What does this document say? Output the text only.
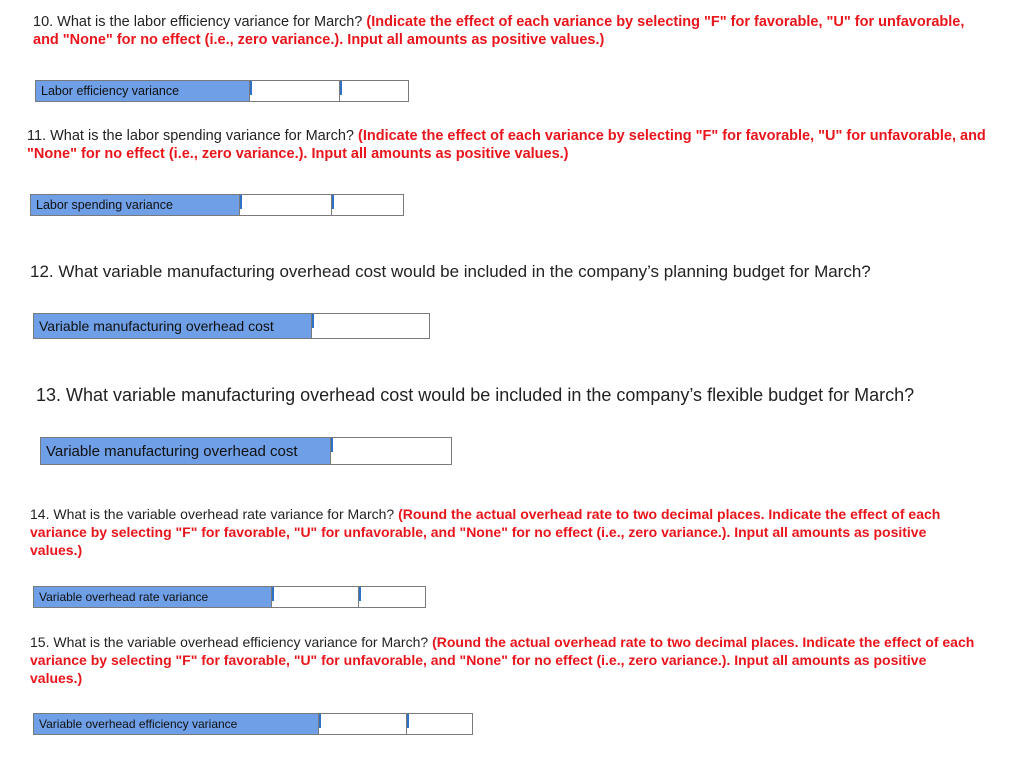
10. What is the labor efficiency variance for March? (Indicate the effect of each variance by selecting "F" for favorable, "U" for unfavorable, and "None" for no effect (i.e., zero variance.). Input all amounts as positive values.)
Labor efficiency variance
11. What is the labor spending variance for March? (Indicate the effect of each variance by selecting "F" for favorable, "U" for unfavorable, and "None" for no effect (i.e., zero variance.). Input all amounts as positive values.)
Labor spending variance
12. What variable manufacturing overhead cost would be included in the company’s planning budget for March?
Variable manufacturing overhead cost
13. What variable manufacturing overhead cost would be included in the company’s flexible budget for March?
Variable manufacturing overhead cost
14. What is the variable overhead rate variance for March? (Round the actual overhead rate to two decimal places. Indicate the effect of each variance by selecting "F" for favorable, "U" for unfavorable, and "None" for no effect (i.e., zero variance.). Input all amounts as positive values.)
Variable overhead rate variance
15. What is the variable overhead efficiency variance for March? (Round the actual overhead rate to two decimal places. Indicate the effect of each variance by selecting "F" for favorable, "U" for unfavorable, and "None" for no effect (i.e., zero variance.). Input all amounts as positive values.)
Variable overhead efficiency variance
